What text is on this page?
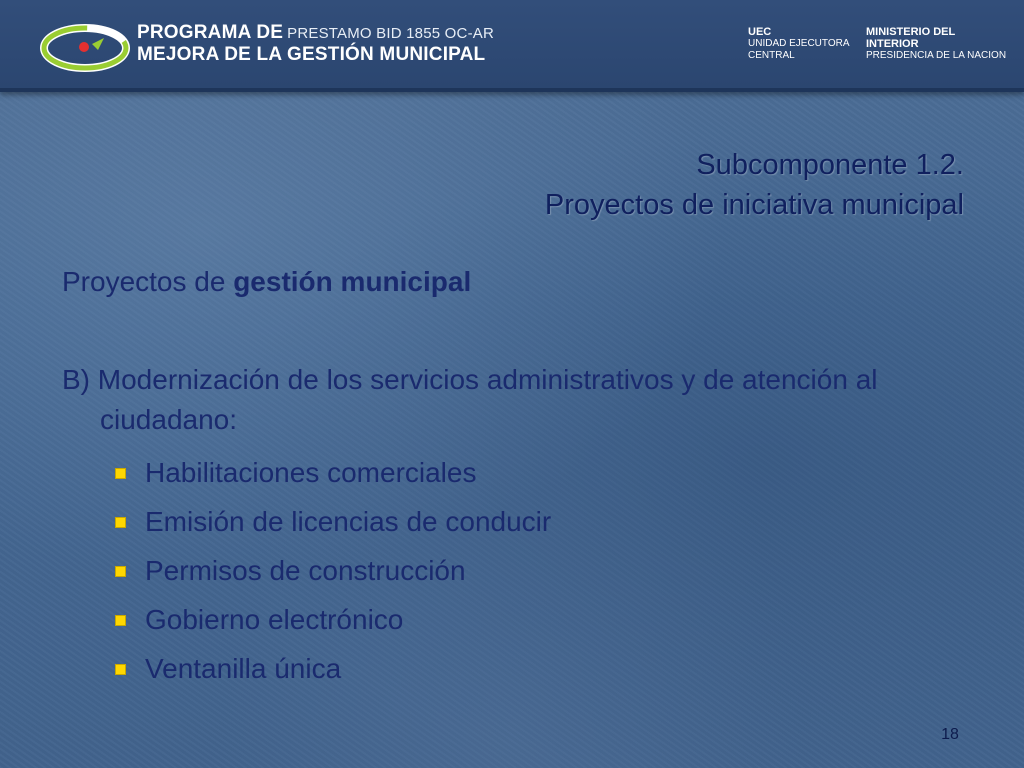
PROGRAMA DE PRESTAMO BID 1855 OC-AR
MEJORA DE LA GESTIÓN MUNICIPAL
UEC
UNIDAD EJECUTORA
CENTRAL
MINISTERIO DEL
INTERIOR
PRESIDENCIA DE LA NACION
Subcomponente 1.2.
Proyectos de iniciativa municipal
Proyectos de gestión municipal
B) Modernización de los servicios administrativos y de atención al ciudadano:
Habilitaciones comerciales
Emisión de licencias de conducir
Permisos de construcción
Gobierno electrónico
Ventanilla única
18
